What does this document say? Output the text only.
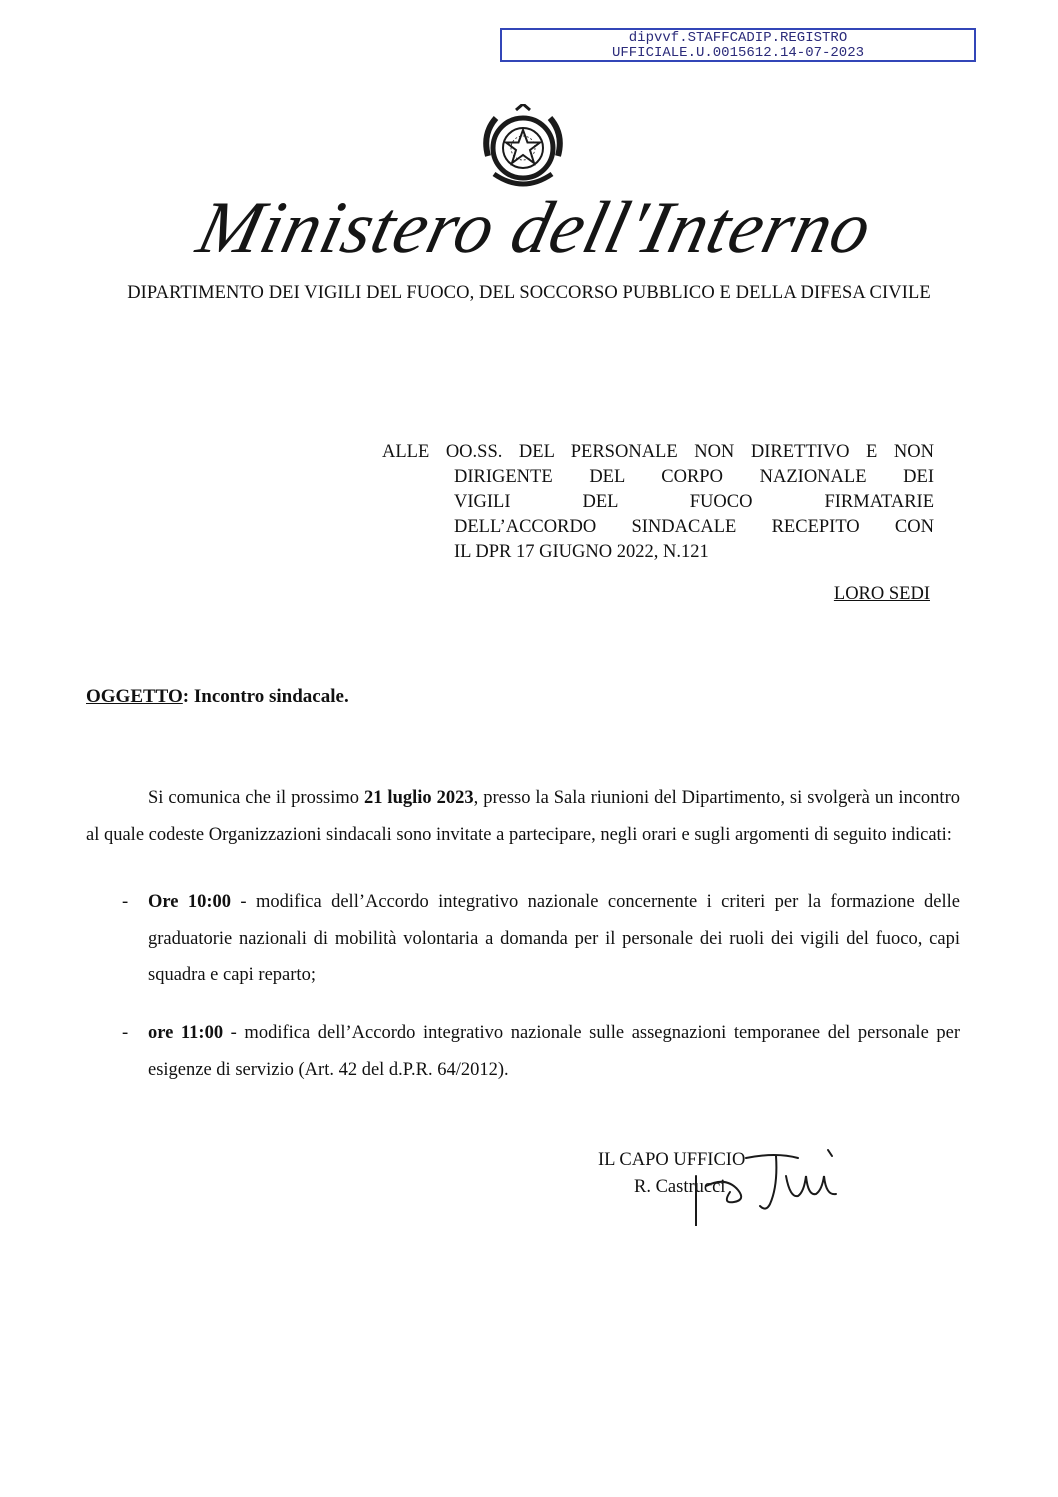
dipvvf.STAFFCADIP.REGISTRO
UFFICIALE.U.0015612.14-07-2023
Ministero dell'Interno
DIPARTIMENTO DEI VIGILI DEL FUOCO, DEL SOCCORSO PUBBLICO E DELLA DIFESA CIVILE
ALLE OO.SS. DEL PERSONALE NON DIRETTIVO E NON
DIRIGENTE DEL CORPO NAZIONALE DEI
VIGILI DEL FUOCO FIRMATARIE
DELL’ACCORDO SINDACALE RECEPITO CON
IL DPR 17 GIUGNO 2022, N.121
LORO SEDI
OGGETTO: Incontro sindacale.
Si comunica che il prossimo 21 luglio 2023, presso la Sala riunioni del Dipartimento, si svolgerà un incontro al quale codeste Organizzazioni sindacali sono invitate a partecipare, negli orari e sugli argomenti di seguito indicati:
- Ore 10:00 - modifica dell’Accordo integrativo nazionale concernente i criteri per la formazione delle graduatorie nazionali di mobilità volontaria a domanda per il personale dei ruoli dei vigili del fuoco, capi squadra e capi reparto;
- ore 11:00 - modifica dell’Accordo integrativo nazionale sulle assegnazioni temporanee del personale per esigenze di servizio (Art. 42 del d.P.R. 64/2012).
IL CAPO UFFICIO
R. Castrucci
